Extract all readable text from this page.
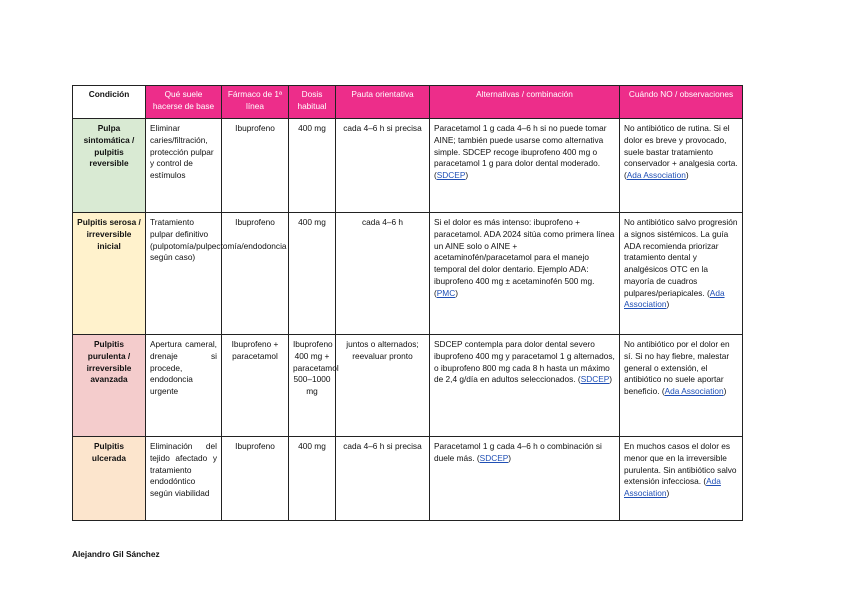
Condición	Qué suele hacerse de base	Fármaco de 1ª línea	Dosis habitual	Pauta orientativa	Alternativas / combinación	Cuándo NO / observaciones
Pulpa sintomática / pulpitis reversible	Eliminar caries/filtración, protección pulpar y control de estímulos	Ibuprofeno	400 mg	cada 4–6 h si precisa	Paracetamol 1 g cada 4–6 h si no puede tomar AINE; también puede usarse como alternativa simple. SDCEP recoge ibuprofeno 400 mg o paracetamol 1 g para dolor dental moderado. (SDCEP)	No antibiótico de rutina. Si el dolor es breve y provocado, suele bastar tratamiento conservador + analgesia corta. (Ada Association)
Pulpitis serosa / irreversible inicial	Tratamiento pulpar definitivo (pulpotomía/pulpectomía/endodoncia según caso)	Ibuprofeno	400 mg	cada 4–6 h	Si el dolor es más intenso: ibuprofeno + paracetamol. ADA 2024 sitúa como primera línea un AINE solo o AINE + acetaminofén/paracetamol para el manejo temporal del dolor dentario. Ejemplo ADA: ibuprofeno 400 mg ± acetaminofén 500 mg. (PMC)	No antibiótico salvo progresión a signos sistémicos. La guía ADA recomienda priorizar tratamiento dental y analgésicos OTC en la mayoría de cuadros pulpares/periapicales. (Ada Association)
Pulpitis purulenta / irreversible avanzada	Apertura cameral, drenaje si procede, endodoncia urgente	Ibuprofeno + paracetamol	Ibuprofeno 400 mg + paracetamol 500–1000 mg	juntos o alternados; reevaluar pronto	SDCEP contempla para dolor dental severo ibuprofeno 400 mg y paracetamol 1 g alternados, o ibuprofeno 800 mg cada 8 h hasta un máximo de 2,4 g/día en adultos seleccionados. (SDCEP)	No antibiótico por el dolor en sí. Si no hay fiebre, malestar general o extensión, el antibiótico no suele aportar beneficio. (Ada Association)
Pulpitis ulcerada	Eliminación del tejido afectado y tratamiento endodóntico según viabilidad	Ibuprofeno	400 mg	cada 4–6 h si precisa	Paracetamol 1 g cada 4–6 h o combinación si duele más. (SDCEP)	En muchos casos el dolor es menor que en la irreversible purulenta. Sin antibiótico salvo extensión infecciosa. (Ada Association)
Alejandro Gil Sánchez
